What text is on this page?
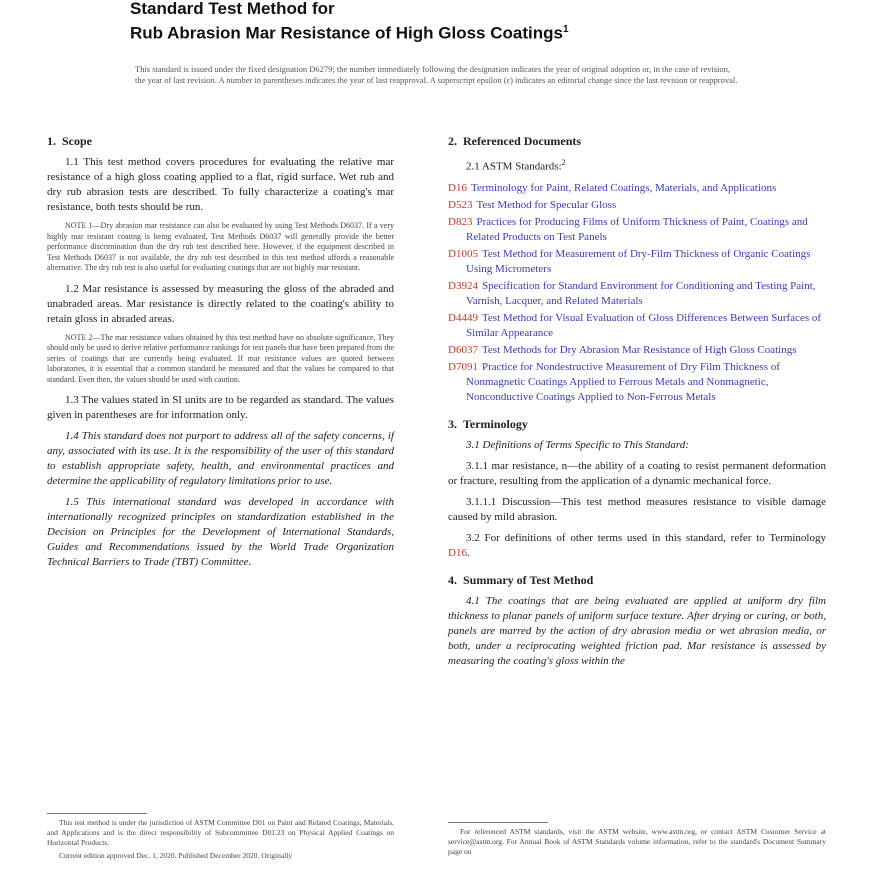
Standard Test Method for
Rub Abrasion Mar Resistance of High Gloss Coatings$^1$
This standard is issued under the fixed designation D6279; the number immediately following the designation indicates the year of original adoption or, in the case of revision, the year of last revision. A number in parentheses indicates the year of last reapproval. A superscript epsilon (ε) indicates an editorial change since the last revision or reapproval.
1. Scope

1.1 This test method covers procedures for evaluating the relative mar resistance of a high gloss coating applied to a flat, rigid surface. Wet rub and dry rub abrasion tests are described. To fully characterize a coating's mar resistance, both tests should be run.

NOTE 1—Dry abrasion mar resistance can also be evaluated by using Test Methods D6037. If a very highly mar resistant coating is being evaluated, Test Methods D6037 will generally provide the better performance discrimination than the dry rub test described here. However, if the equipment described in Test Methods D6037 is not available, the dry rub test described in this test method affords a reasonable alternative. The dry rub test is also useful for evaluating coatings that are not highly mar resistant.

1.2 Mar resistance is assessed by measuring the gloss of the abraded and unabraded areas. Mar resistance is directly related to the coating's ability to retain gloss in abraded areas.

NOTE 2—The mar resistance values obtained by this test method have no absolute significance. They should only be used to derive relative performance rankings for test panels that have been prepared from the series of coatings that are currently being evaluated. If mar resistance values are quoted between laboratories, it is essential that a common standard be measured and that the values be compared to that standard. Even then, the values should be used with caution.

1.3 The values stated in SI units are to be regarded as standard. The values given in parentheses are for information only.

1.4 This standard does not purport to address all of the safety concerns, if any, associated with its use. It is the responsibility of the user of this standard to establish appropriate safety, health, and environmental practices and determine the applicability of regulatory limitations prior to use.

1.5 This international standard was developed in accordance with internationally recognized principles on standardization established in the Decision on Principles for the Development of International Standards, Guides and Recommendations issued by the World Trade Organization Technical Barriers to Trade (TBT) Committee.

2. Referenced Documents

2.1 ASTM Standards:$^2$

D16 Terminology for Paint, Related Coatings, Materials, and Applications
D523 Test Method for Specular Gloss
D823 Practices for Producing Films of Uniform Thickness of Paint, Coatings and Related Products on Test Panels
D1005 Test Method for Measurement of Dry-Film Thickness of Organic Coatings Using Micrometers
D3924 Specification for Standard Environment for Conditioning and Testing Paint, Varnish, Lacquer, and Related Materials
D4449 Test Method for Visual Evaluation of Gloss Differences Between Surfaces of Similar Appearance
D6037 Test Methods for Dry Abrasion Mar Resistance of High Gloss Coatings
D7091 Practice for Nondestructive Measurement of Dry Film Thickness of Nonmagnetic Coatings Applied to Ferrous Metals and Nonmagnetic, Nonconductive Coatings Applied to Non-Ferrous Metals
3. Terminology

3.1 Definitions of Terms Specific to This Standard:

3.1.1 mar resistance, n—the ability of a coating to resist permanent deformation or fracture, resulting from the application of a dynamic mechanical force.

3.1.1.1 Discussion—This test method measures resistance to visible damage caused by mild abrasion.

3.2 For definitions of other terms used in this standard, refer to Terminology D16.

4. Summary of Test Method

4.1 The coatings that are being evaluated are applied at uniform dry film thickness to planar panels of uniform surface texture. After drying or curing, or both, panels are marred by the action of dry abrasion media or wet abrasion media, or both, under a reciprocating weighted friction pad. Mar resistance is assessed by measuring the coating's gloss within the

This test method is under the jurisdiction of ASTM Committee D01 on Paint and Related Coatings, Materials, and Applications and is the direct responsibility of Subcommittee D01.23 on Physical Applied Coatings on Horizontal Products.

Current edition approved Dec. 1, 2020. Published December 2020. Originally

For referenced ASTM standards, visit the ASTM website, www.astm.org, or contact ASTM Customer Service at service@astm.org. For Annual Book of ASTM Standards volume information, refer to the standard's Document Summary page on
